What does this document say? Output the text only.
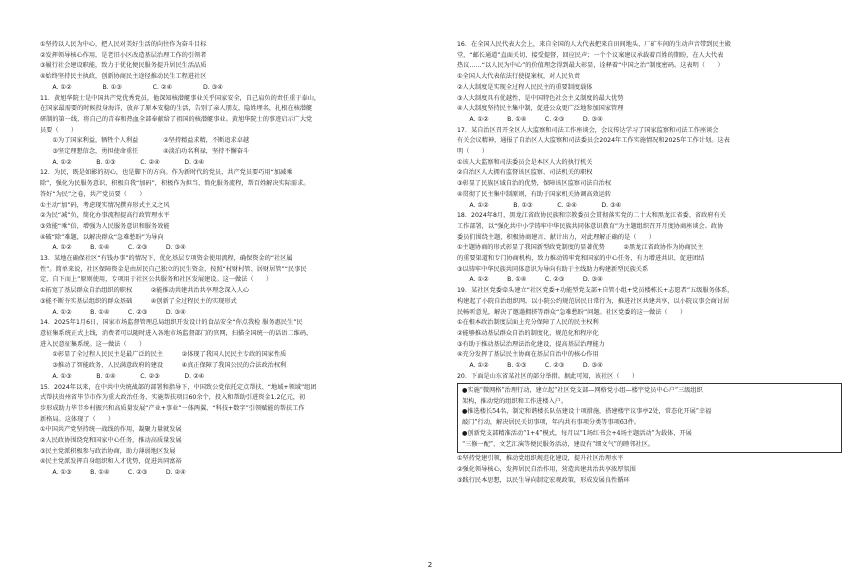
①坚持以人民为中心，把人民对美好生活的向往作为奋斗目标
②发挥领导核心作用，是老旧小区改造基层治理工作的引领者
③履行社会建设职能，致力于优化便民服务提升居民生活品质
④始终坚持民主执政，创新协商民主途径推动民生工程进社区
　　A. ①②　　　　　B. ①③　　　　　C. ②④　　　　　D. ③④
11．黄旭华院士是中国共产党优秀党员，他深知核潜艇事业关乎国家安全，自己肩负的责任重于泰山，
在国家最需要的时候投身海洋，放弃了原本安稳的生活，告别了亲人朋友，隐姓埋名，扎根在核潜艇
研制的第一线，将自己的青春和热血全部奉献给了祖国的核潜艇事业。黄旭华院士的事迹启示广大党
员要（　　）
　　①为了国家利益，牺牲个人利益　　　　②坚持精益求精，不断追求卓越
　　③坚定理想信念，勇担使命重任　　　　④淡泊功名利禄，坚持不懈奋斗
　　A. ①②　　　　B. ①③　　　　C. ②④　　　　D. ③④
12．为民，既是如影的初心，也是脚下的方向。作为新时代的党员，共产党员要巧用“加减乘
除”，强化为民服务意识，积极自我“加码”，积极作为担当、简化服务流程，帮百姓解决实际需求。
答好“为民”之卷，共产党员要（　　）
①主动“加”码，考虑现实情况撰弃形式主义之风
②为民“减”负，简化办事流程提高行政管理水平
③效能“乘”倍，增强为人民服务意识和服务效能
④破“除”难题，以解决群众“急难愁盼”为导向
　　A. ①②　　　B. ①④　　　C. ②③　　　D. ③④
13．某地在确保社区“有钱办事”的情况下，优化基层专项资金使用流程，确保资金的“社区属
性”。简单来说，社区保障资金是由居民自己独立的民生资金，按照“村财村管、居财居管”“民事民
定、自下而上”原则使用，专项用于社区公共服务和社区发展建设。这一做法（　　）
①拓宽了基层群众自治组织的职权　　　②能推动共建共治共享理念深入人心
③能不断夯实基层组织的群众基础　　　④创新了全过程民主的实现形式
　　A. ①②　　　B. ①④　　　C. ②③　　　D. ③④
14．2025年1月6日，国家市场监督管理总局组织开发设计的食品安全“你点我检 服务惠民生”民
意征集系统正式上线，消费者可以随时进入各地市场监督部门的官网，扫描全国统一的话语二维码，
进入民意征集系统。这一做法（　　）
　　①彰显了全过程人民民主是最广泛的民主　　　②体现了我国人民民主专政的国家性质
　　③推动了智能政务、人民满意政府的建设　　　④真正保障了我国公民的合法政治权利
　　A. ①③　　　　B. ①④　　　　C. ②③　　　　D. ②④
15．2024年以来，在中共中央统战部的部署和指导下，中国致公党依托定点帮扶、“地域+领域”组团
式帮扶贵州省毕节市作为重大政治任务，实施帮扶项目60余个，投入和帮助引进资金1.2亿元，初
步形成助力毕节乡村振兴和高质量发展“产业+事业”一体两翼、“科技+数字”引领赋能的帮扶工作
新格局。这体现了（　　）
①中国共产党坚持统一战线的作用，凝聚力量就发展
②人民政协围绕党和国家中心任务，推动高质量发展
③民主党派积极参与政治协商，助力薄弱地区发展
④民主党派发挥自身组织和人才优势，促进共同富裕
　　A. ①③　　　B. ①④　　　C. ②③　　　D. ②④
16．在全国人民代表大会上，来自全国的人大代表把来自田间地头、厂矿车间的生动声音带到民主殿
堂，“邮长通道”直面关切、接受提督，回应民声；一个个议案建议承载着百姓的期盼，在人大代表
热议……“以人民为中心”的价值理念得到最大彰显，诠释着“中国之治”制度密码。这表明（　　）
①全国人大代表依法行使提案权，对人民负责
②人大制度是实现全过程人民民主的重要制度载体
③人大制度具有优越性，是中国特色社会主义制度的最大优势
④人大制度坚持民主集中制，促进公众更广泛地参加国家管理
　　A. ①②　　　B. ①④　　　C. ②③　　　D. ③④
17．某自治区召开全区人大监察和司法工作座谈会，会议传达学习了国家监察和司法工作座谈会
有关会议精神，通报了自治区人大监察和司法委员会2024年工作实施情况和2025年工作计划。这表
明（　　）
①该人大监察和司法委员会是本区人大的执行机关
②自治区人大拥有监督该区监察、司法机关的职权
③彰显了民族区域自治的优势，保障该区监察司法自治权
④贯彻了民主集中制原则，有助于国家机关协调高效运转
　　A. ①②　　　　B. ①③　　　　C. ②④　　　　D. ③④
18．2024年8月，黑龙江省政协民族和宗教委员会贯彻落实党的二十大和黑龙江省委、省政府有关
工作部署，以“强化共中小学铸牢中华民族共同体意识教育”为主题组织召开月度协商座谈会。政协
委员们围绕主题，积极协商建言、献计出力，对此理解正确的是（　　）
①主题协商的形式彰显了我国新型政党制度的显著优势　　　②黑龙江省政协作为协商民主
的重要渠道和专门协商机构，致力推动铸牢党和国家的中心任务，有力增进共识、促进团结
③以铸牢中华民族共同体意识为导向有助于主线助力构建新型民族关系
　　A. ①②　　　B. ①④　　　C. ②③　　　D. ③④
19．某社区党委牵头建立“社区党委+功能型党支部+自管小组+党员楼栋长+志愿者”五级服务体系，
构建起了小院自治组织网。以小院公约规范居民日常行为，推进社区共建共享，以小院议事会商讨居
民畅听意见，解决了邀遢拥挤等群众“急难愁盼”问题。社区党委的这一做法（　　）
①在根本政治制度层面上充分保障了人民的民主权利
②能够推动基层群众自治的制度化，规范化和程序化
③有助于推动基层治理法治化建设，提高基层治理能力
④充分发挥了基层民主协商在基层自治中的核心作用
　　A. ①②　　　B. ①③　　　C. ②③　　　D. ③④
20．下面是山东省某社区的部分举措。据此可知，该社区（　　）
●实施“微网格”治理行动，建立起“社区党支部—网格党小组—楼宇党员中心户”三级组织
架构，推动党的组织和工作进楼入户。
●推选楼长54名，制定和谐楼长队伍建设十项措施，搭建楼宇议事亭2处，常态化开展“幸福
敲门”行动，解决居民关切事项，年内共有事项分类等事项63件。
●创新党支部精准活动“1+4”模式，每月以“1场红书会+4场主题活动”为载体，开展
“三修一配”、文艺汇演等便民服务活动，建设有“细文气”的睦邻社区。
①坚持党建引领，推动党组织规范化建设，提升社区治理水平
②强化领导核心，发挥居民自治作用，营造共建共治共享浓厚氛围
③践行民本思想，以民生导向制定宏观政策，形成发展良性循环
2
